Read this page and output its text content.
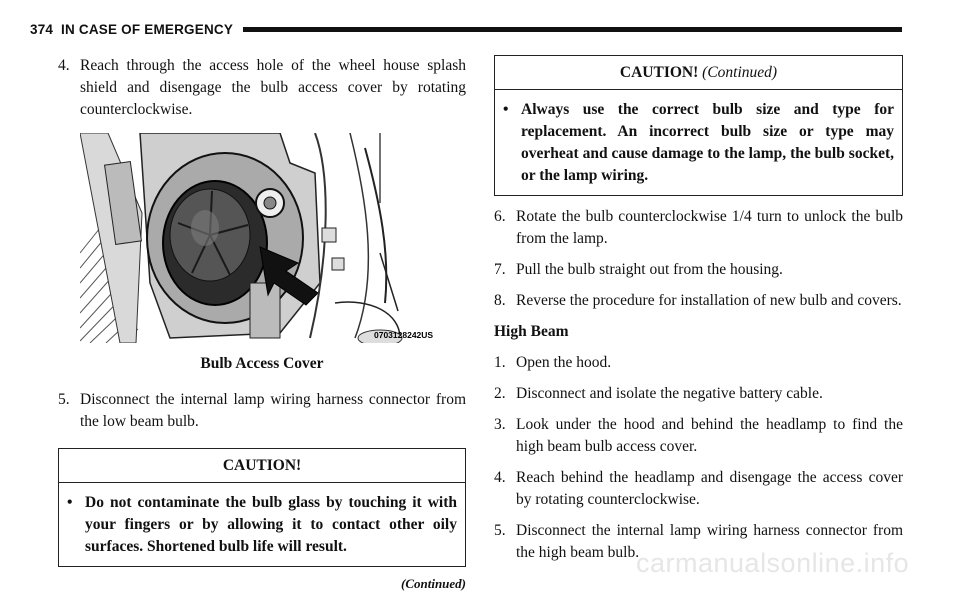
374 IN CASE OF EMERGENCY
4. Reach through the access hole of the wheel house splash shield and disengage the bulb access cover by rotating counterclockwise.
0703128242US
Bulb Access Cover
5. Disconnect the internal lamp wiring harness connector from the low beam bulb.
CAUTION!
• Do not contaminate the bulb glass by touching it with your fingers or by allowing it to contact other oily surfaces. Shortened bulb life will result.
(Continued)
CAUTION! (Continued)
• Always use the correct bulb size and type for replacement. An incorrect bulb size or type may overheat and cause damage to the lamp, the bulb socket, or the lamp wiring.
6. Rotate the bulb counterclockwise 1/4 turn to unlock the bulb from the lamp.
7. Pull the bulb straight out from the housing.
8. Reverse the procedure for installation of new bulb and covers.
High Beam
1. Open the hood.
2. Disconnect and isolate the negative battery cable.
3. Look under the hood and behind the headlamp to find the high beam bulb access cover.
4. Reach behind the headlamp and disengage the access cover by rotating counterclockwise.
5. Disconnect the internal lamp wiring harness connector from the high beam bulb.
carmanualsonline.info
